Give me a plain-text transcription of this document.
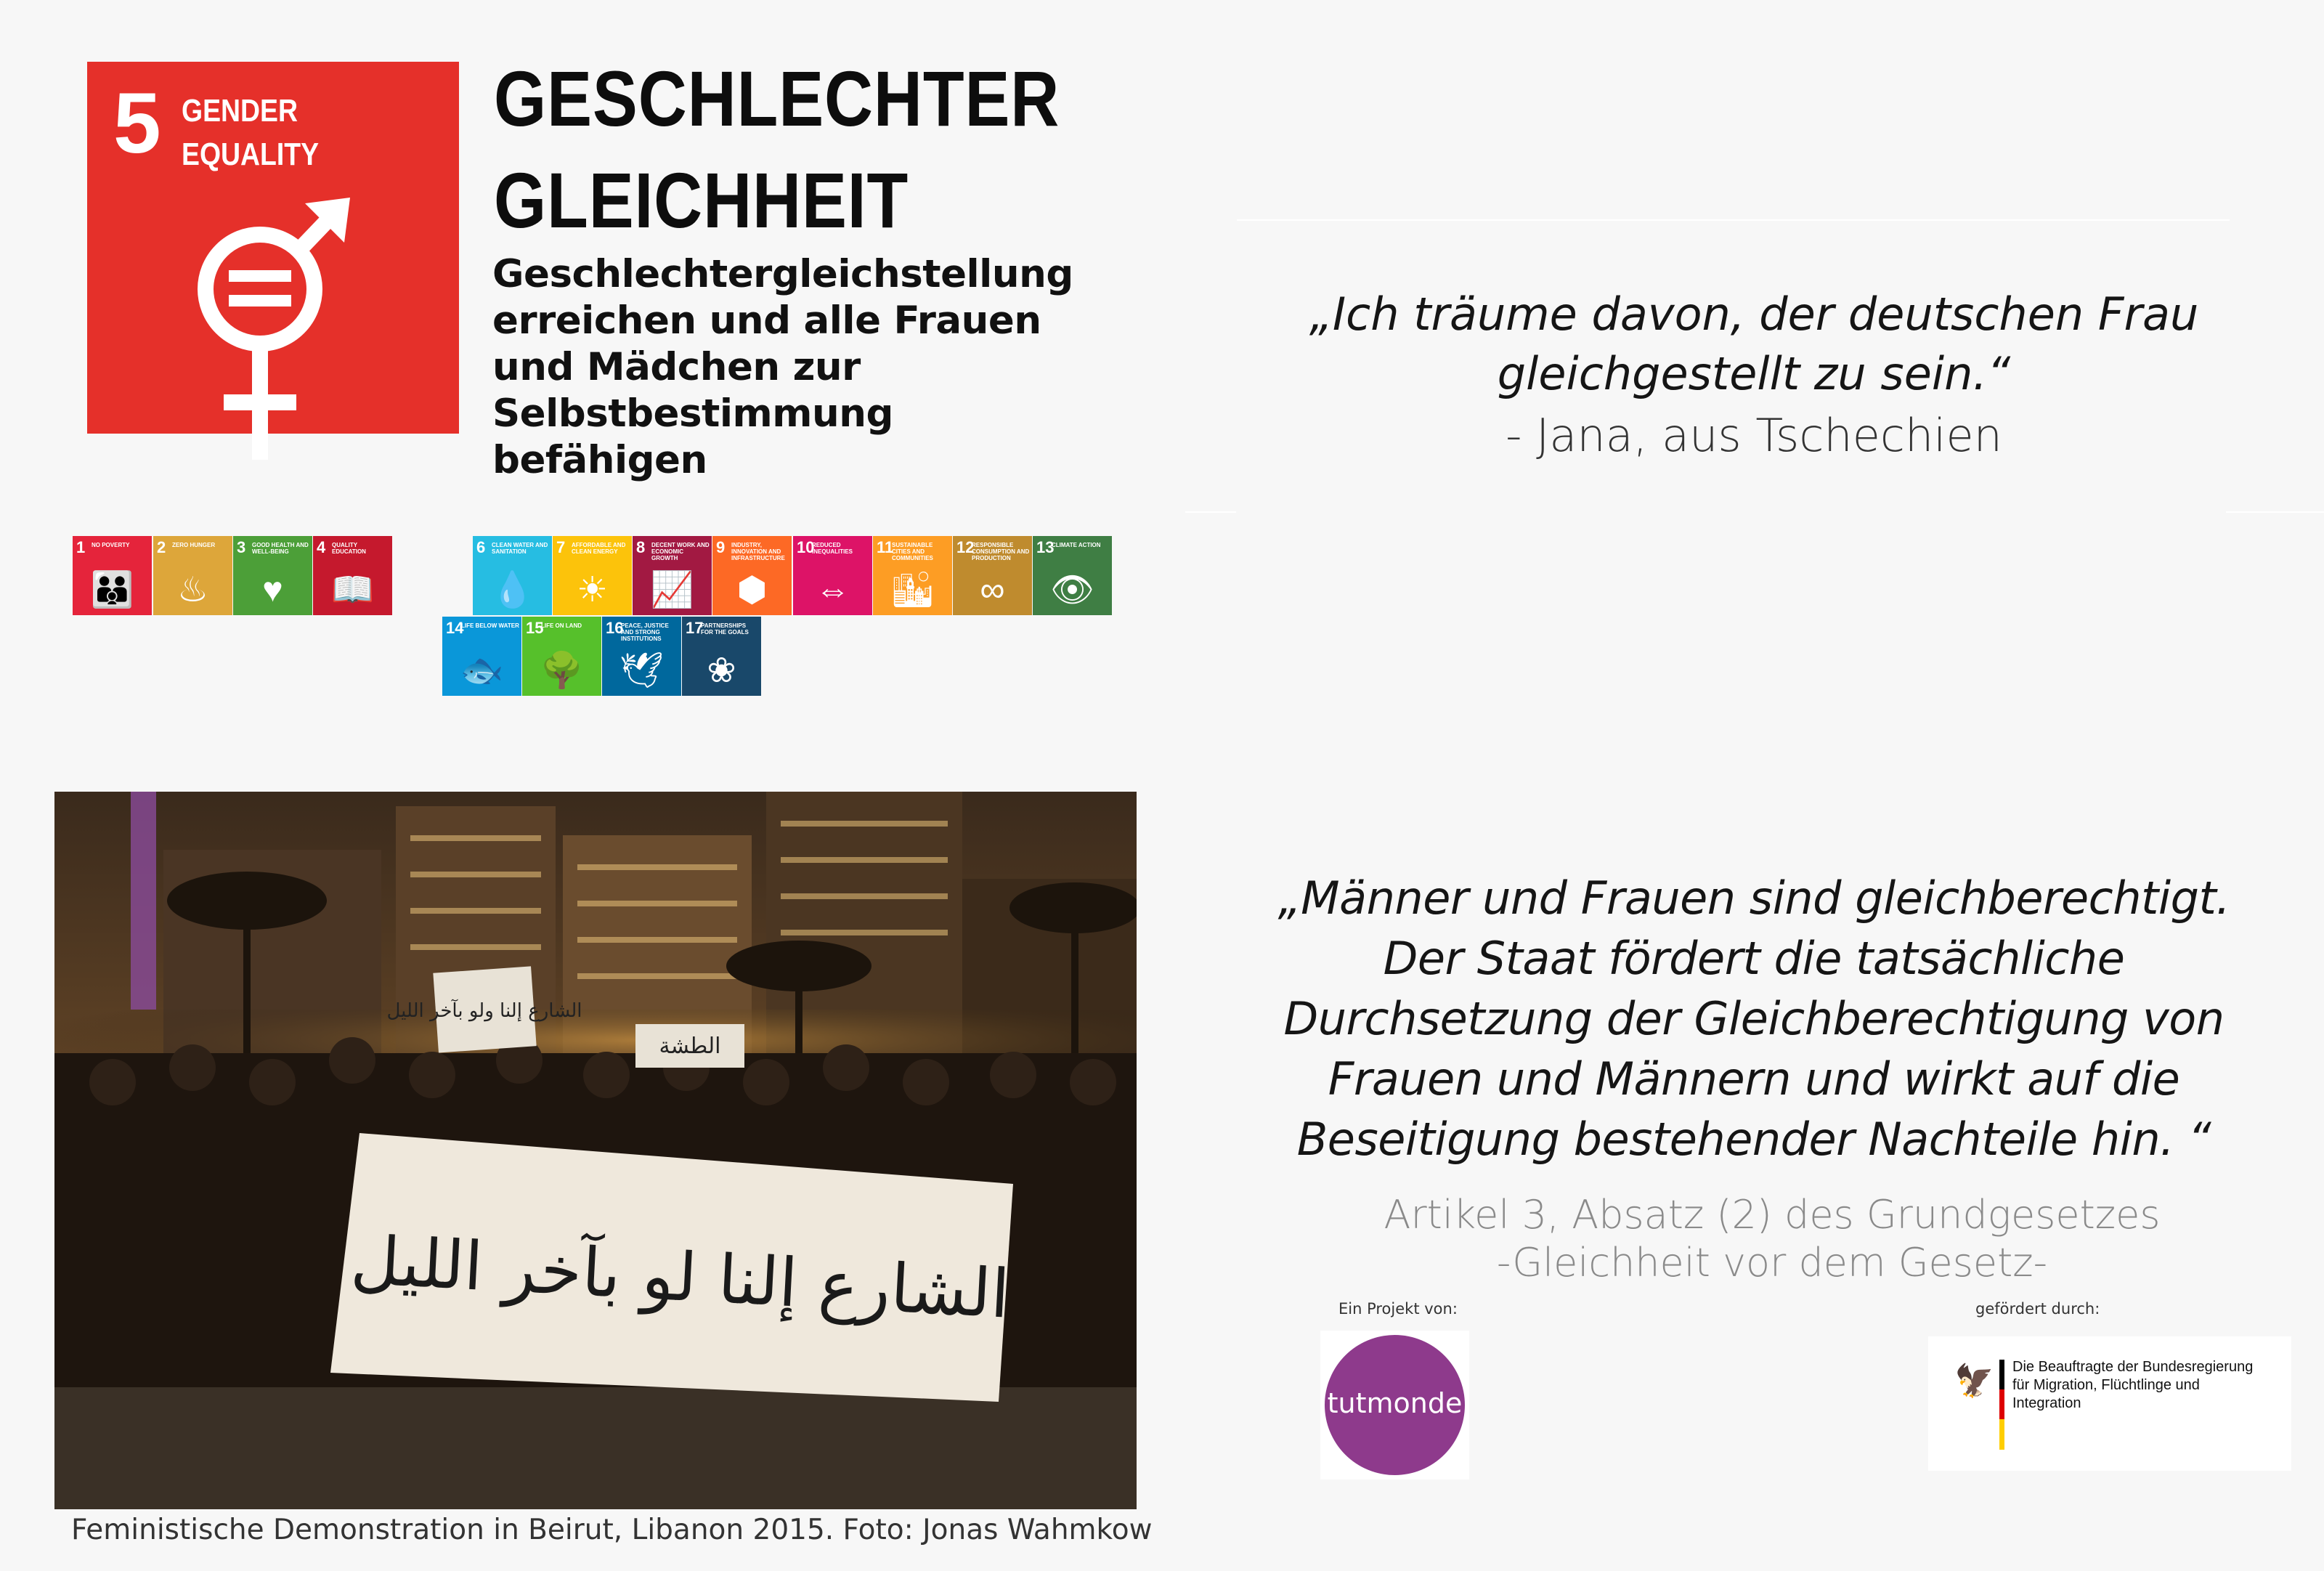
5 GENDER
EQUALITY
GESCHLECHTER
GLEICHHEIT
Geschlechtergleichstellung erreichen und alle Frauen und Mädchen zur Selbstbestimmung befähigen
1 NO POVERTY
👪
2 ZERO HUNGER
♨
3 GOOD HEALTH AND WELL-BEING
♥
4 QUALITY EDUCATION
📖
6 CLEAN WATER AND SANITATION
💧
7 AFFORDABLE AND CLEAN ENERGY
☀
8 DECENT WORK AND ECONOMIC GROWTH
📈
9 INDUSTRY, INNOVATION AND INFRASTRUCTURE
⬢
10
REDUCED INEQUALITIES
⇔
11
SUSTAINABLE CITIES AND COMMUNITIES
🏙
12
RESPONSIBLE CONSUMPTION AND PRODUCTION
∞
13
CLIMATE ACTION
👁
14
LIFE BELOW WATER
🐟
15
LIFE ON LAND
🌳
16
PEACE, JUSTICE AND STRONG INSTITUTIONS
🕊
17
PARTNERSHIPS FOR THE GOALS
❀
„Ich träume davon, der deutschen Frau
gleichgestellt zu sein.“
- Jana, aus Tschechien
الشارع إلنا ولو بآخر الليل
الطشة
الشارع إلنا لو بآخر الليل
Feministische Demonstration in Beirut, Libanon 2015. Foto: Jonas Wahmkow
„Männer und Frauen sind gleichberechtigt.
Der Staat fördert die tatsächliche
Durchsetzung der Gleichberechtigung von
Frauen und Männern und wirkt auf die
Beseitigung bestehender Nachteile hin. “
Artikel 3, Absatz (2) des Grundgesetzes
-Gleichheit vor dem Gesetz-
Ein Projekt von:
tutmonde
gefördert durch:
🦅 Die Beauftragte der Bundesregierung
für Migration, Flüchtlinge und
Integration
